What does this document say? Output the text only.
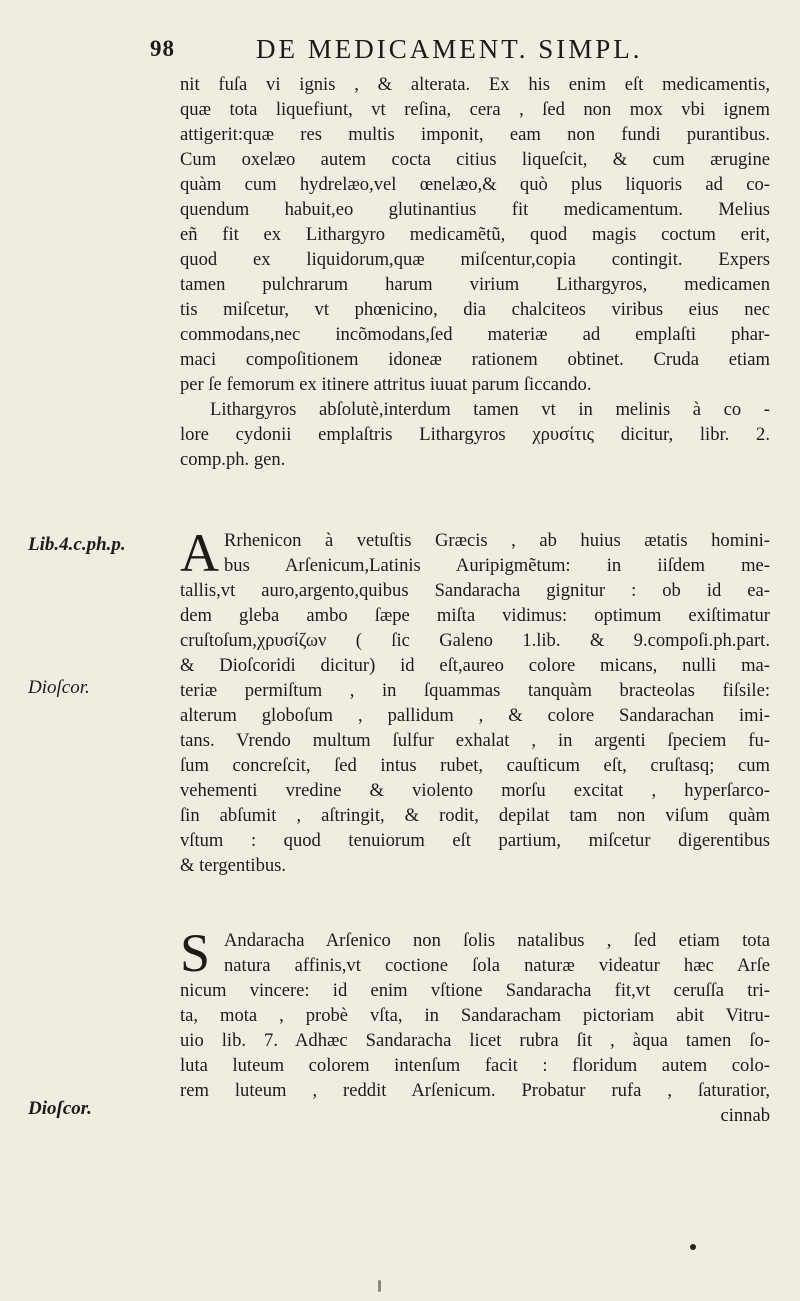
98	DE MEDICAMENT. SIMPL.
nit fuſa vi ignis , & alterata. Ex his enim eſt medicamentis,
quæ tota liquefiunt, vt reſina, cera , ſed non mox vbi ignem
attigerit:quæ res multis imponit, eam non fundi purantibus.
Cum oxelæo autem cocta citius liqueſcit, & cum ærugine
quàm cum hydrelæo,vel œnelæo,& quò plus liquoris ad co-
quendum habuit,eo glutinantius fit medicamentum. Melius
eñ fit ex Lithargyro medicamẽtũ, quod magis coctum erit,
quod ex liquidorum,quæ miſcentur,copia contingit. Expers
tamen pulchrarum harum virium Lithargyros, medicamen
tis miſcetur, vt phœnicino, dia chalciteos viribus eius nec
commodans,nec incõmodans,ſed materiæ ad emplaſti phar-
maci compoſitionem idoneæ rationem obtinet. Cruda etiam
per ſe femorum ex itinere attritus iuuat parum ſiccando.
Lithargyros abſolutè,interdum tamen vt in melinis à co -
lore cydonii emplaſtris Lithargyros χρυσίτις dicitur, libr. 2.
comp.ph. gen.
Lib.4.c.ph.p. A Rrhenicon à vetuſtis Græcis , ab huius ætatis homini-
bus Arſenicum,Latinis Auripigmẽtum: in iiſdem me-
tallis,vt auro,argento,quibus Sandaracha gignitur : ob id ea-
dem gleba ambo ſæpe miſta vidimus: optimum exiſtimatur
cruſtoſum,χρυσίζων ( ſic Galeno 1.lib. & 9.compoſi.ph.part.
& Dioſcoridi dicitur) id eſt,aureo colore micans, nulli ma-
teriæ permiſtum , in ſquammas tanquàm bracteolas fiſsile:
alterum globoſum , pallidum , & colore Sandarachan imi-
tans. Vrendo multum ſulfur exhalat , in argenti ſpeciem fu-
ſum concreſcit, ſed intus rubet, cauſticum eſt, cruſtasq; cum
vehementi vredine & violento morſu excitat , hyperſarco-
ſin abſumit , aſtringit, & rodit, depilat tam non viſum quàm
vſtum : quod tenuiorum eſt partium, miſcetur digerentibus
& tergentibus.
Dioſcor.
S Andaracha Arſenico non ſolis natalibus , ſed etiam tota
natura affinis,vt coctione ſola naturæ videatur hæc Arſe
nicum vincere: id enim vſtione Sandaracha fit,vt ceruſſa tri-
ta, mota , probè vſta, in Sandaracham pictoriam abit Vitru-
uio lib. 7. Adhæc Sandaracha licet rubra ſit , àqua tamen ſo-
luta luteum colorem intenſum facit : floridum autem colo-
rem luteum , reddit Arſenicum. Probatur rufa , ſaturatior,
cinnab
Dioſcor.
